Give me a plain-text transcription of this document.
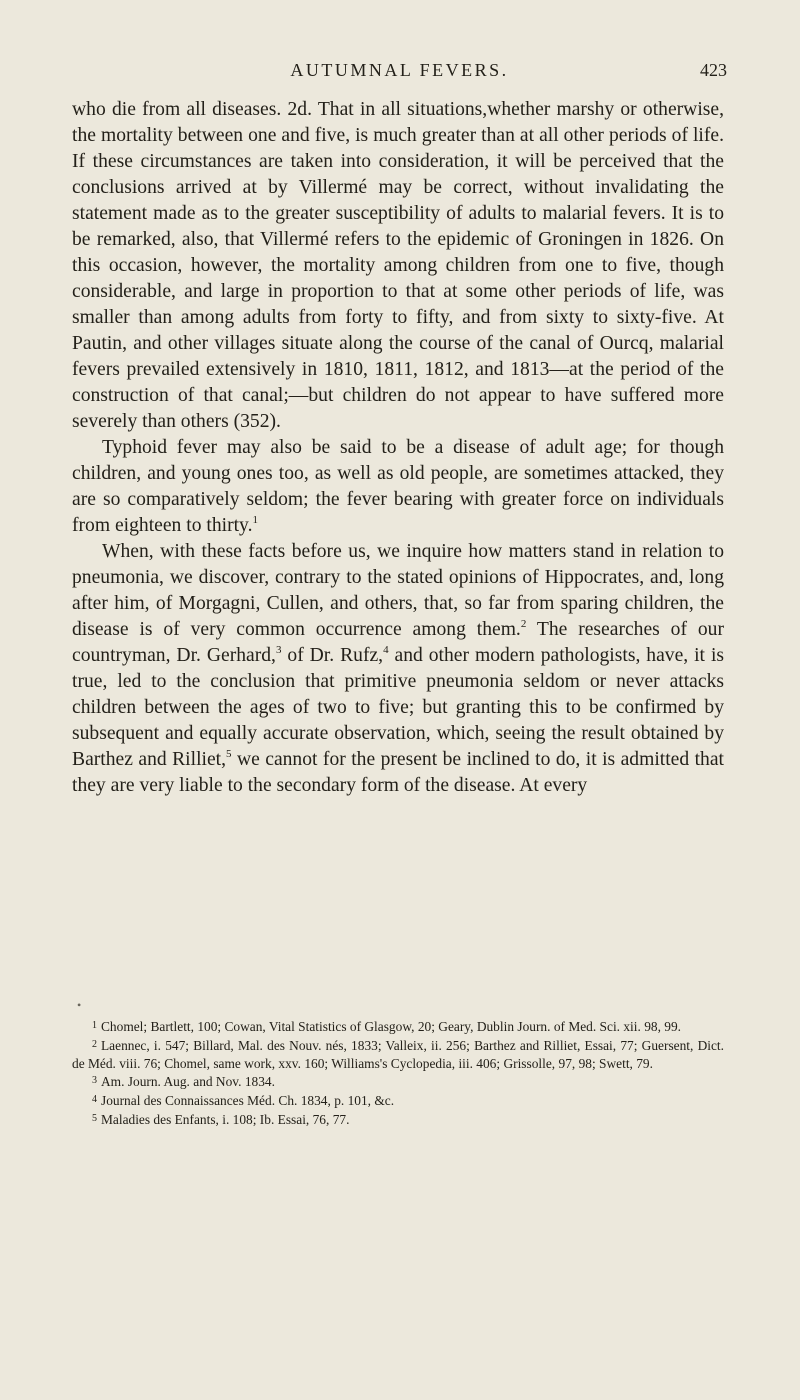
AUTUMNAL FEVERS.	423

who die from all diseases. 2d. That in all situations,whether marshy or otherwise, the mortality between one and five, is much greater than at all other periods of life. If these circumstances are taken into consideration, it will be perceived that the conclusions arrived at by Villermé may be correct, without invalidating the statement made as to the greater susceptibility of adults to malarial fevers. It is to be remarked, also, that Villermé refers to the epidemic of Groningen in 1826. On this occasion, however, the mortality among children from one to five, though considerable, and large in proportion to that at some other periods of life, was smaller than among adults from forty to fifty, and from sixty to sixty-five. At Pautin, and other villages situate along the course of the canal of Ourcq, malarial fevers prevailed extensively in 1810, 1811, 1812, and 1813—at the period of the construction of that canal;—but children do not appear to have suffered more severely than others (352).

Typhoid fever may also be said to be a disease of adult age; for though children, and young ones too, as well as old people, are sometimes attacked, they are so comparatively seldom; the fever bearing with greater force on individuals from eighteen to thirty.$^1$

When, with these facts before us, we inquire how matters stand in relation to pneumonia, we discover, contrary to the stated opinions of Hippocrates, and, long after him, of Morgagni, Cullen, and others, that, so far from sparing children, the disease is of very common occurrence among them.$^2$ The researches of our countryman, Dr. Gerhard,$^3$ of Dr. Rufz,$^4$ and other modern pathologists, have, it is true, led to the conclusion that primitive pneumonia seldom or never attacks children between the ages of two to five; but granting this to be confirmed by subsequent and equally accurate observation, which, seeing the result obtained by Barthez and Rilliet,$^5$ we cannot for the present be inclined to do, it is admitted that they are very liable to the secondary form of the disease. At every

•

$^1$ Chomel; Bartlett, 100; Cowan, Vital Statistics of Glasgow, 20; Geary, Dublin Journ. of Med. Sci. xii. 98, 99.

$^2$ Laennec, i. 547; Billard, Mal. des Nouv. nés, 1833; Valleix, ii. 256; Barthez and Rilliet, Essai, 77; Guersent, Dict. de Méd. viii. 76; Chomel, same work, xxv. 160; Williams's Cyclopedia, iii. 406; Grissolle, 97, 98; Swett, 79.

$^3$ Am. Journ. Aug. and Nov. 1834.

$^4$ Journal des Connaissances Méd. Ch. 1834, p. 101, &c.

$^5$ Maladies des Enfants, i. 108; Ib. Essai, 76, 77.
